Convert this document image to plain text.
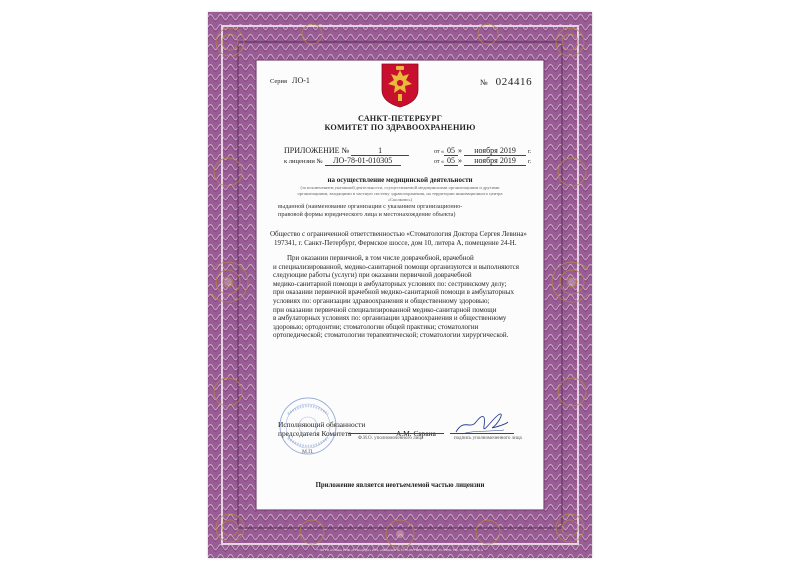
Серия ЛО-1	№ 024416
САНКТ-ПЕТЕРБУРГ
КОМИТЕТ ПО ЗДРАВООХРАНЕНИЮ
ПРИЛОЖЕНИЕ №	1	от « 05 » ноября 2019 г.
к лицензии № ЛО-78-01-010305	от « 05 » ноября 2019 г.
на осуществление медицинской деятельности
(за исключением указанной деятельности, осуществляемой медицинскими организациями и другими
организациями, входящими в частную систему здравоохранения, на территории инновационного центра
«Сколково»)
выданной (наименование организации с указанием организационно-
правовой формы юридического лица и местонахождение объекта)
Общество с ограниченной ответственностью «Стоматология Доктора Сергея Левина»
197341, г. Санкт-Петербург, Фермское шоссе, дом 10, литера А, помещение 24-Н.
При оказании первичной, в том числе доврачебной, врачебной
и специализированной, медико-санитарной помощи организуются и выполняются
следующие работы (услуги) при оказании первичной доврачебной
медико-санитарной помощи в амбулаторных условиях по: сестринскому делу;
при оказании первичной врачебной медико-санитарной помощи в амбулаторных
условиях по: организации здравоохранения и общественному здоровью;
при оказании первичной специализированной медико-санитарной помощи
в амбулаторных условиях по: организации здравоохранения и общественному
здоровью; ортодонтии; стоматологии общей практики; стоматологии
ортопедической; стоматологии терапевтической; стоматологии хирургической.
М.П.
Исполняющий обязанности
председателя Комитета	А.М. Сарана
Ф.И.О. уполномоченного лица	подпись уполномоченного лица
Приложение является неотъемлемой частью лицензии
© ФГУП «Гознак» ППФ «Р-Петербург» 2019, «Лицензия» № 01-05-00/5 ФНС РОССИИ, ТЗ. 95850. Тир. 100000. Зак. № А
